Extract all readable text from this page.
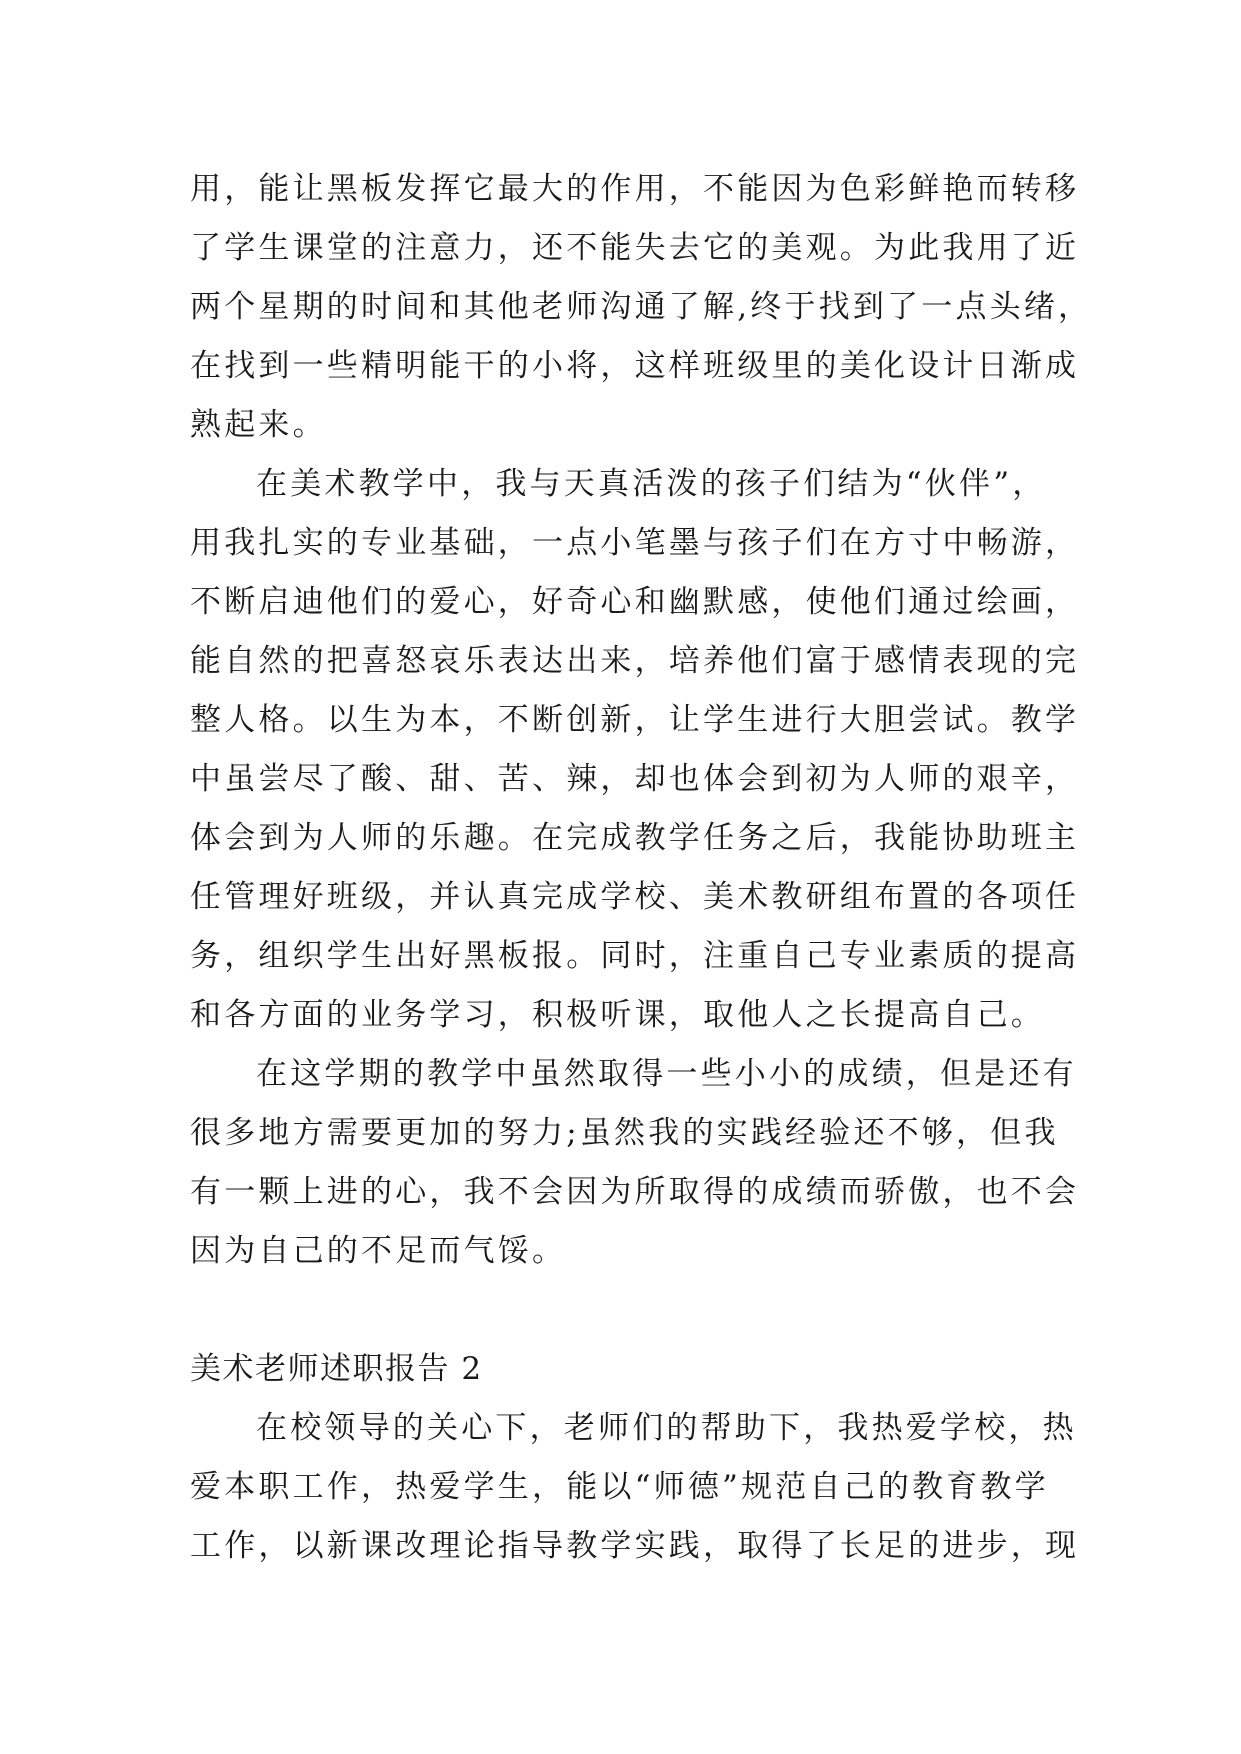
用，能让黑板发挥它最大的作用，不能因为色彩鲜艳而转移
了学生课堂的注意力，还不能失去它的美观。为此我用了近
两个星期的时间和其他老师沟通了解,终于找到了一点头绪，
在找到一些精明能干的小将，这样班级里的美化设计日渐成
熟起来。
在美术教学中，我与天真活泼的孩子们结为“伙伴”，
用我扎实的专业基础，一点小笔墨与孩子们在方寸中畅游，
不断启迪他们的爱心，好奇心和幽默感，使他们通过绘画，
能自然的把喜怒哀乐表达出来，培养他们富于感情表现的完
整人格。以生为本，不断创新，让学生进行大胆尝试。教学
中虽尝尽了酸、甜、苦、辣，却也体会到初为人师的艰辛，
体会到为人师的乐趣。在完成教学任务之后，我能协助班主
任管理好班级，并认真完成学校、美术教研组布置的各项任
务，组织学生出好黑板报。同时，注重自己专业素质的提高
和各方面的业务学习，积极听课，取他人之长提高自己。
在这学期的教学中虽然取得一些小小的成绩，但是还有
很多地方需要更加的努力;虽然我的实践经验还不够，但我
有一颗上进的心，我不会因为所取得的成绩而骄傲，也不会
因为自己的不足而气馁。
美术老师述职报告 2
在校领导的关心下，老师们的帮助下，我热爱学校，热
爱本职工作，热爱学生，能以“师德”规范自己的教育教学
工作，以新课改理论指导教学实践，取得了长足的进步，现
